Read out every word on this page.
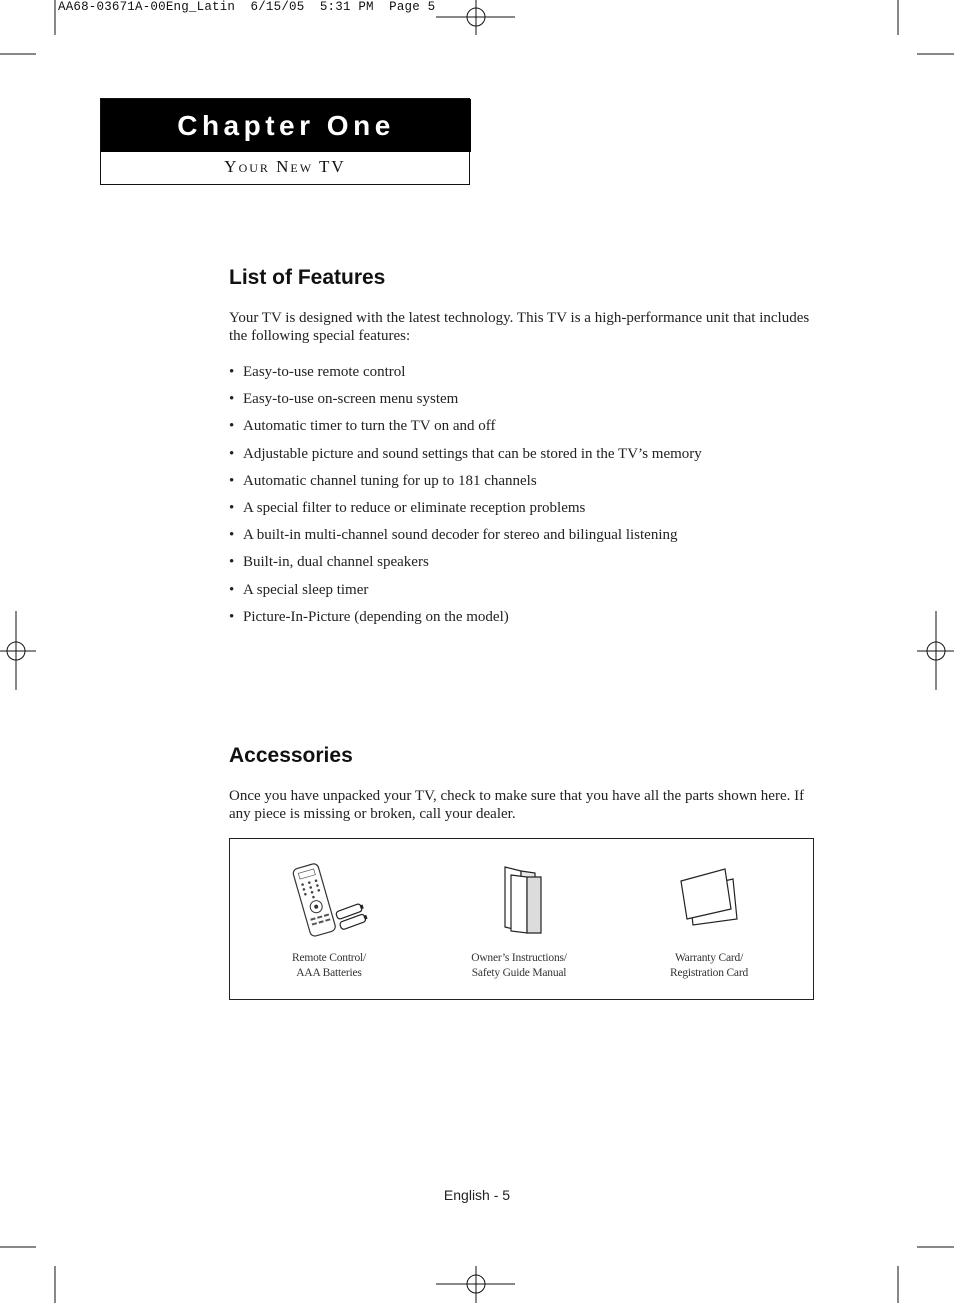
AA68-03671A-00Eng_Latin  6/15/05  5:31 PM  Page 5
Chapter One
Your New TV
List of Features

Your TV is designed with the latest technology. This TV is a high-performance unit that includes the following special features:

• Easy-to-use remote control
• Easy-to-use on-screen menu system
• Automatic timer to turn the TV on and off
• Adjustable picture and sound settings that can be stored in the TV’s memory
• Automatic channel tuning for up to 181 channels
• A special filter to reduce or eliminate reception problems
• A built-in multi-channel sound decoder for stereo and bilingual listening
• Built-in, dual channel speakers
• A special sleep timer
• Picture-In-Picture (depending on the model)
Accessories

Once you have unpacked your TV, check to make sure that you have all the parts shown here. If any piece is missing or broken, call your dealer.

Remote Control/
AAA Batteries
Owner’s Instructions/
Safety Guide Manual
Warranty Card/
Registration Card
English - 5
